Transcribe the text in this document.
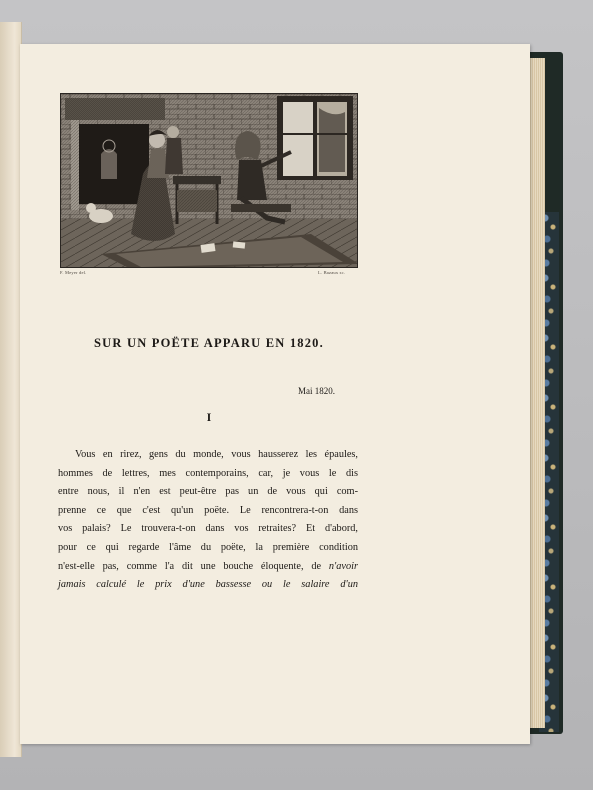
F. Meyer del.	L. Bazaux sc.
SUR UN POËTE APPARU EN 1820.
Mai 1820.
I
Vous en rirez, gens du monde, vous hausserez les épaules,
hommes de lettres, mes contemporains, car, je vous le dis
entre nous, il n'en est peut-être pas un de vous qui com-
prenne ce que c'est qu'un poëte. Le rencontrera-t-on dans
vos palais? Le trouvera-t-on dans vos retraites? Et d'abord,
pour ce qui regarde l'âme du poëte, la première condition
n'est-elle pas, comme l'a dit une bouche éloquente, de n'avoir
jamais calculé le prix d'une bassesse ou le salaire d'un
